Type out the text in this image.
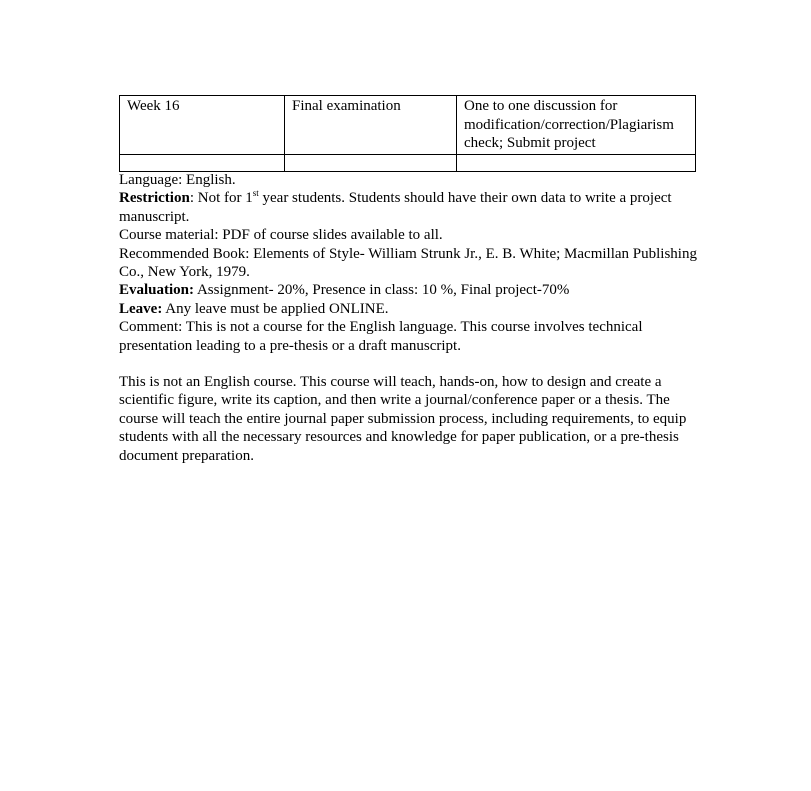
Week 16	Final examination	One to one discussion for modification/correction/Plagiarism check; Submit project

Language: English.

Restriction: Not for 1st year students. Students should have their own data to write a project manuscript.

Course material: PDF of course slides available to all.

Recommended Book: Elements of Style- William Strunk Jr., E. B. White; Macmillan Publishing Co., New York, 1979.

Evaluation: Assignment- 20%, Presence in class: 10 %, Final project-70%

Leave: Any leave must be applied ONLINE.

Comment: This is not a course for the English language. This course involves technical presentation leading to a pre-thesis or a draft manuscript.

This is not an English course. This course will teach, hands-on, how to design and create a scientific figure, write its caption, and then write a journal/conference paper or a thesis. The course will teach the entire journal paper submission process, including requirements, to equip students with all the necessary resources and knowledge for paper publication, or a pre-thesis document preparation.
